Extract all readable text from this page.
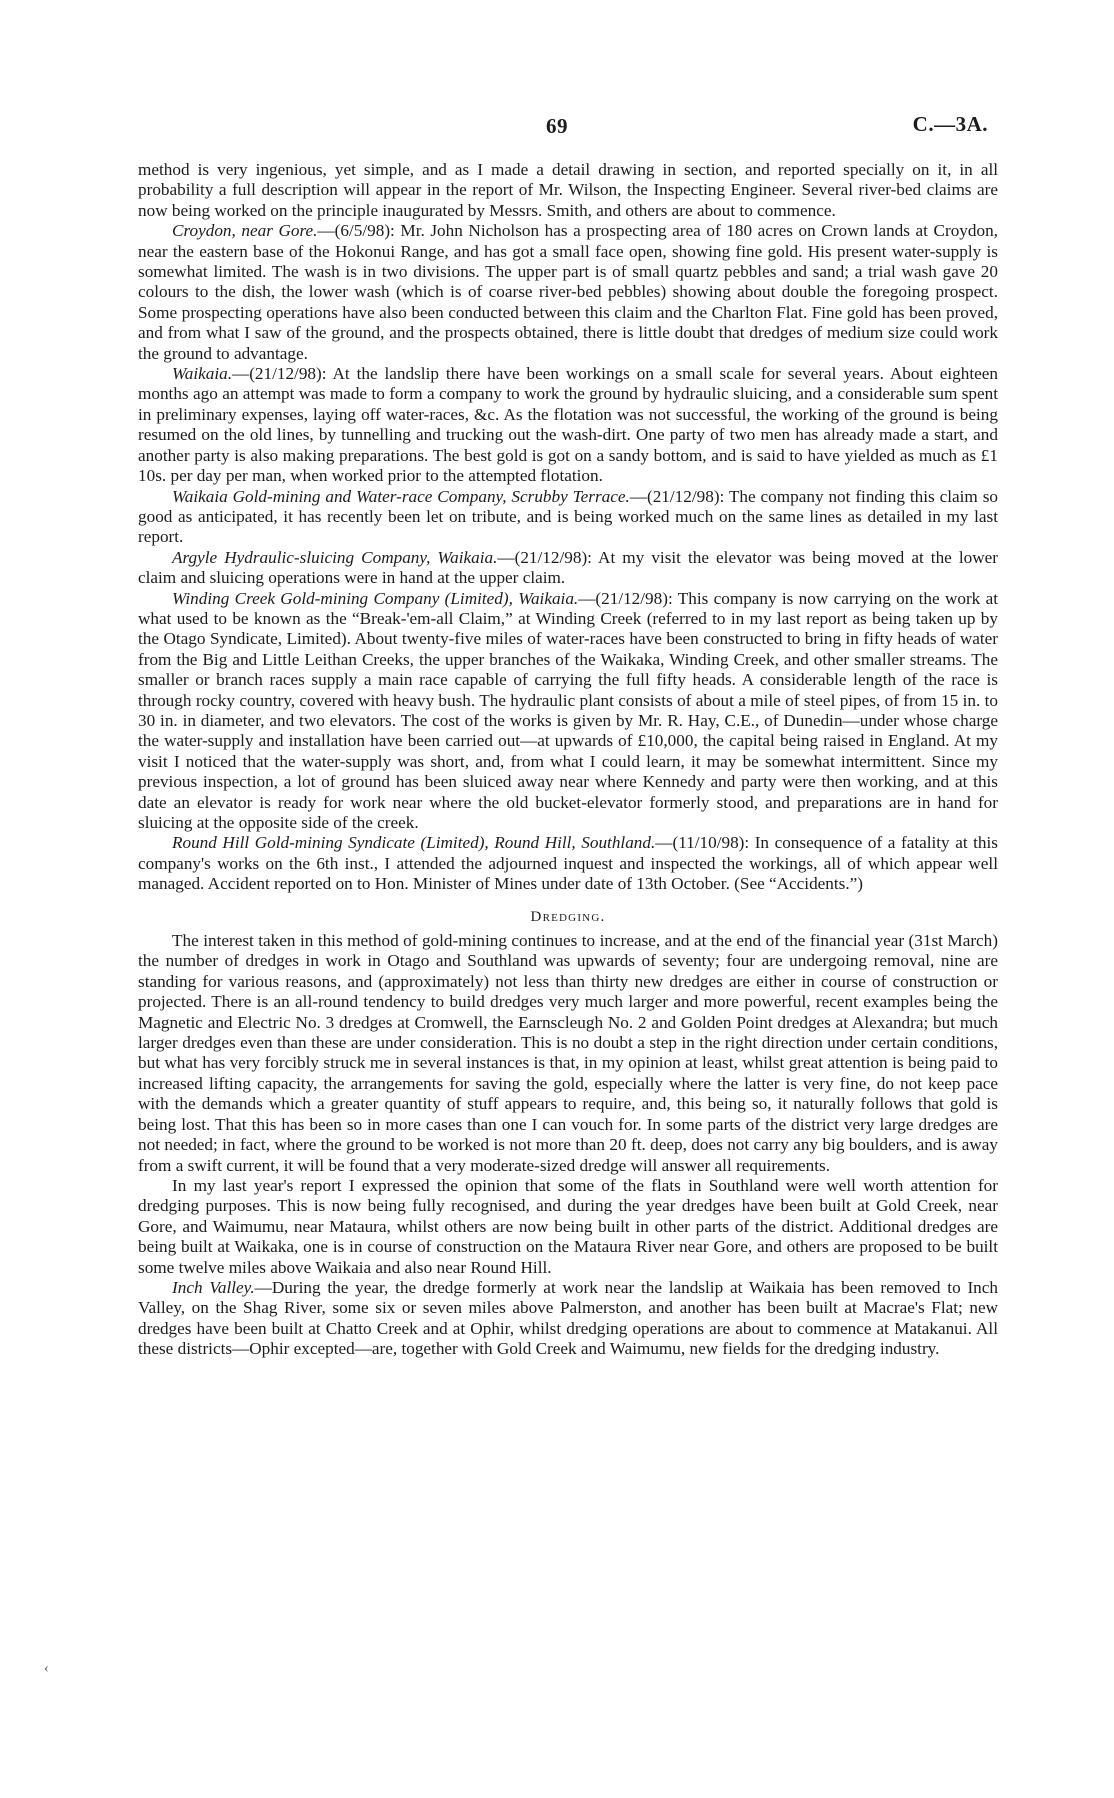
69	C.—3A.

method is very ingenious, yet simple, and as I made a detail drawing in section, and reported specially on it, in all probability a full description will appear in the report of Mr. Wilson, the Inspecting Engineer. Several river-bed claims are now being worked on the principle inaugurated by Messrs. Smith, and others are about to commence.

Croydon, near Gore.—(6/5/98): Mr. John Nicholson has a prospecting area of 180 acres on Crown lands at Croydon, near the eastern base of the Hokonui Range, and has got a small face open, showing fine gold. His present water-supply is somewhat limited. The wash is in two divisions. The upper part is of small quartz pebbles and sand; a trial wash gave 20 colours to the dish, the lower wash (which is of coarse river-bed pebbles) showing about double the foregoing prospect. Some prospecting operations have also been conducted between this claim and the Charlton Flat. Fine gold has been proved, and from what I saw of the ground, and the prospects obtained, there is little doubt that dredges of medium size could work the ground to advantage.

Waikaia.—(21/12/98): At the landslip there have been workings on a small scale for several years. About eighteen months ago an attempt was made to form a company to work the ground by hydraulic sluicing, and a considerable sum spent in preliminary expenses, laying off water-races, &c. As the flotation was not successful, the working of the ground is being resumed on the old lines, by tunnelling and trucking out the wash-dirt. One party of two men has already made a start, and another party is also making preparations. The best gold is got on a sandy bottom, and is said to have yielded as much as £1 10s. per day per man, when worked prior to the attempted flotation.

Waikaia Gold-mining and Water-race Company, Scrubby Terrace.—(21/12/98): The company not finding this claim so good as anticipated, it has recently been let on tribute, and is being worked much on the same lines as detailed in my last report.

Argyle Hydraulic-sluicing Company, Waikaia.—(21/12/98): At my visit the elevator was being moved at the lower claim and sluicing operations were in hand at the upper claim.

Winding Creek Gold-mining Company (Limited), Waikaia.—(21/12/98): This company is now carrying on the work at what used to be known as the “Break-'em-all Claim,” at Winding Creek (referred to in my last report as being taken up by the Otago Syndicate, Limited). About twenty-five miles of water-races have been constructed to bring in fifty heads of water from the Big and Little Leithan Creeks, the upper branches of the Waikaka, Winding Creek, and other smaller streams. The smaller or branch races supply a main race capable of carrying the full fifty heads. A considerable length of the race is through rocky country, covered with heavy bush. The hydraulic plant consists of about a mile of steel pipes, of from 15 in. to 30 in. in diameter, and two elevators. The cost of the works is given by Mr. R. Hay, C.E., of Dunedin—under whose charge the water-supply and installation have been carried out—at upwards of £10,000, the capital being raised in England. At my visit I noticed that the water-supply was short, and, from what I could learn, it may be somewhat intermittent. Since my previous inspection, a lot of ground has been sluiced away near where Kennedy and party were then working, and at this date an elevator is ready for work near where the old bucket-elevator formerly stood, and preparations are in hand for sluicing at the opposite side of the creek.

Round Hill Gold-mining Syndicate (Limited), Round Hill, Southland.—(11/10/98): In consequence of a fatality at this company's works on the 6th inst., I attended the adjourned inquest and inspected the workings, all of which appear well managed. Accident reported on to Hon. Minister of Mines under date of 13th October. (See “Accidents.”)

Dredging.

The interest taken in this method of gold-mining continues to increase, and at the end of the financial year (31st March) the number of dredges in work in Otago and Southland was upwards of seventy; four are undergoing removal, nine are standing for various reasons, and (approximately) not less than thirty new dredges are either in course of construction or projected. There is an all-round tendency to build dredges very much larger and more powerful, recent examples being the Magnetic and Electric No. 3 dredges at Cromwell, the Earnscleugh No. 2 and Golden Point dredges at Alexandra; but much larger dredges even than these are under consideration. This is no doubt a step in the right direction under certain conditions, but what has very forcibly struck me in several instances is that, in my opinion at least, whilst great attention is being paid to increased lifting capacity, the arrangements for saving the gold, especially where the latter is very fine, do not keep pace with the demands which a greater quantity of stuff appears to require, and, this being so, it naturally follows that gold is being lost. That this has been so in more cases than one I can vouch for. In some parts of the district very large dredges are not needed; in fact, where the ground to be worked is not more than 20 ft. deep, does not carry any big boulders, and is away from a swift current, it will be found that a very moderate-sized dredge will answer all requirements.

In my last year's report I expressed the opinion that some of the flats in Southland were well worth attention for dredging purposes. This is now being fully recognised, and during the year dredges have been built at Gold Creek, near Gore, and Waimumu, near Mataura, whilst others are now being built in other parts of the district. Additional dredges are being built at Waikaka, one is in course of construction on the Mataura River near Gore, and others are proposed to be built some twelve miles above Waikaia and also near Round Hill.

Inch Valley.—During the year, the dredge formerly at work near the landslip at Waikaia has been removed to Inch Valley, on the Shag River, some six or seven miles above Palmerston, and another has been built at Macrae's Flat; new dredges have been built at Chatto Creek and at Ophir, whilst dredging operations are about to commence at Matakanui. All these districts—Ophir excepted—are, together with Gold Creek and Waimumu, new fields for the dredging industry.

‹
